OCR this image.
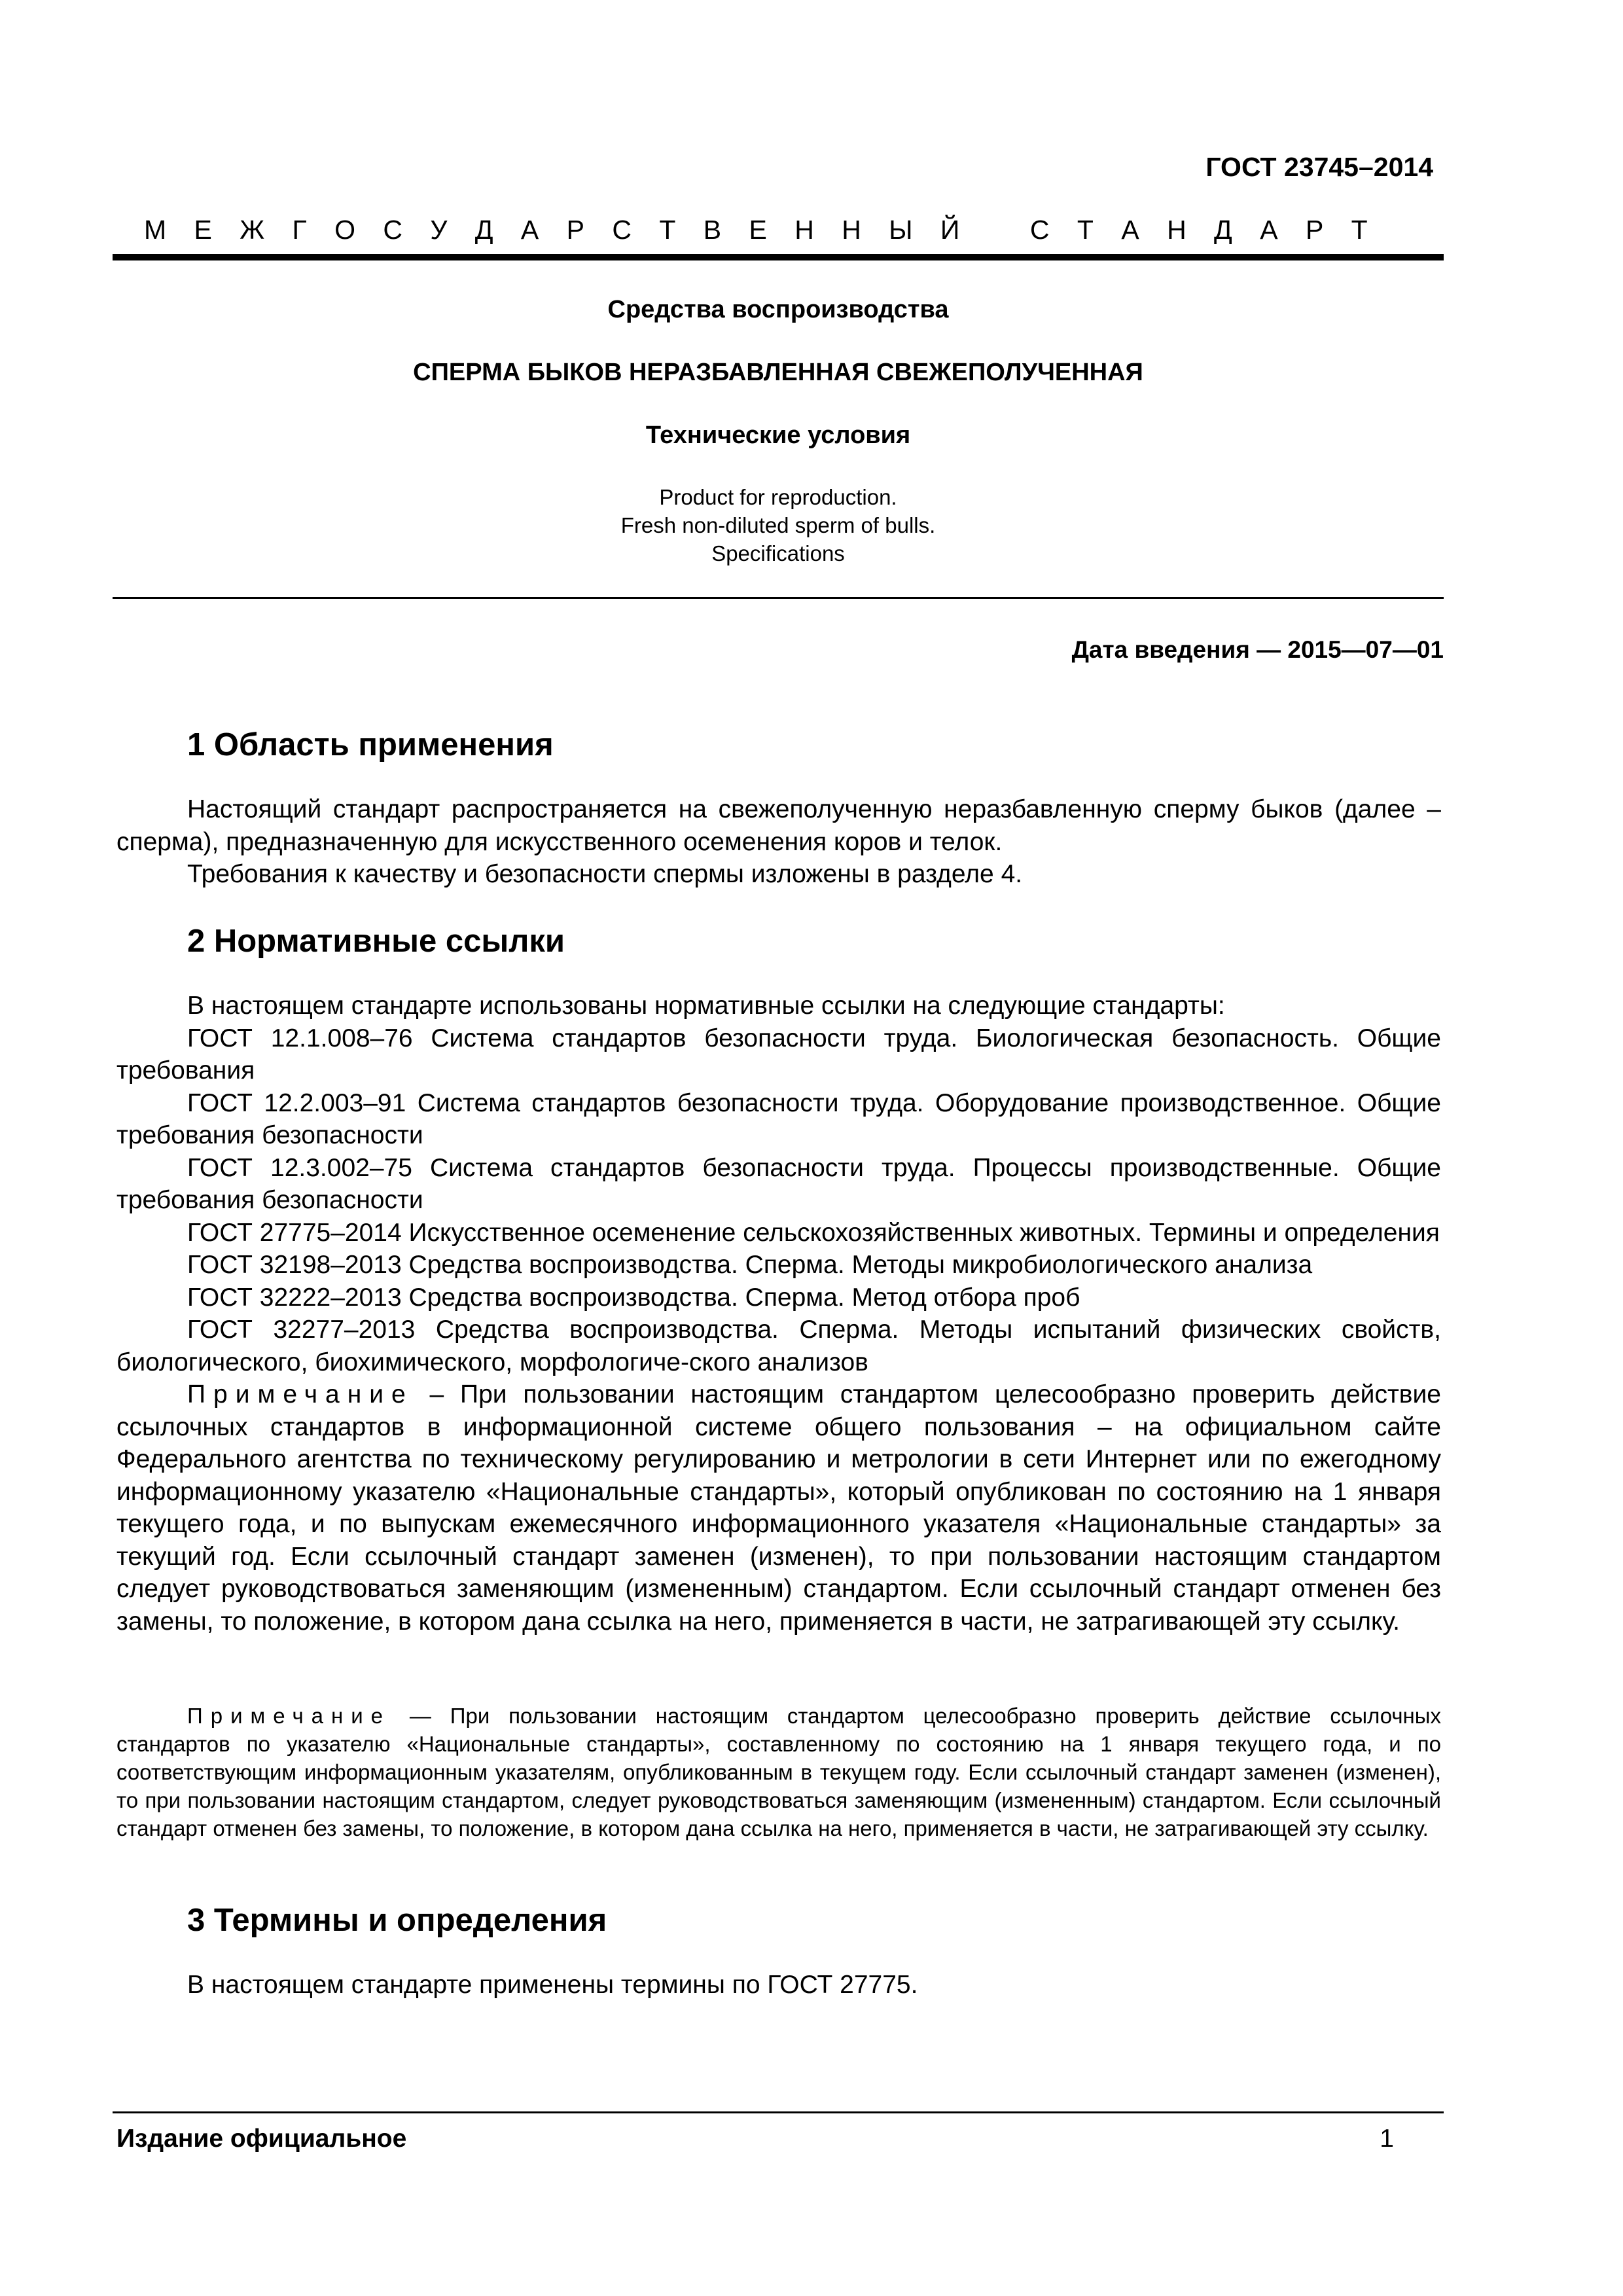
ГОСТ 23745–2014
М Е Ж Г О С У Д А Р С Т В Е Н Н Ы Й
	С Т А Н Д А Р Т
Средства воспроизводства
СПЕРМА БЫКОВ НЕРАЗБАВЛЕННАЯ СВЕЖЕПОЛУЧЕННАЯ
Технические условия
Product for reproduction.
Fresh non-diluted sperm of bulls.
Specifications
Дата введения — 2015—07—01
1 Область применения

Настоящий стандарт распространяется на свежеполученную неразбавленную сперму быков (далее – сперма), предназначенную для искусственного осеменения коров и телок.

Требования к качеству и безопасности спермы изложены в разделе 4.

2 Нормативные ссылки

В настоящем стандарте использованы нормативные ссылки на следующие стандарты:

ГОСТ 12.1.008–76 Система стандартов безопасности труда. Биологическая безопасность. Общие требования

ГОСТ 12.2.003–91 Система стандартов безопасности труда. Оборудование производственное. Общие требования безопасности

ГОСТ 12.3.002–75 Система стандартов безопасности труда. Процессы производственные. Общие требования безопасности

ГОСТ 27775–2014 Искусственное осеменение сельскохозяйственных животных. Термины и определения

ГОСТ 32198–2013 Средства воспроизводства. Сперма. Методы микробиологического анализа

ГОСТ 32222–2013 Средства воспроизводства. Сперма. Метод отбора проб

ГОСТ 32277–2013 Средства воспроизводства. Сперма. Методы испытаний физических свойств, биологического, биохимического, морфологиче-ского анализов

Примечание – При пользовании настоящим стандартом целесообразно проверить действие ссылочных стандартов в информационной системе общего пользования – на официальном сайте Федерального агентства по техническому регулированию и метрологии в сети Интернет или по ежегодному информационному указателю «Национальные стандарты», который опубликован по состоянию на 1 января текущего года, и по выпускам ежемесячного информационного указателя «Национальные стандарты» за текущий год. Если ссылочный стандарт заменен (изменен), то при пользовании настоящим стандартом следует руководствоваться заменяющим (измененным) стандартом. Если ссылочный стандарт отменен без замены, то положение, в котором дана ссылка на него, применяется в части, не затрагивающей эту ссылку.

Примечание — При пользовании настоящим стандартом целесообразно проверить действие ссылочных стандартов по указателю «Национальные стандарты», составленному по состоянию на 1 января текущего года, и по соответствующим информационным указателям, опубликованным в текущем году. Если ссылочный стандарт заменен (изменен), то при пользовании настоящим стандартом, следует руководствоваться заменяющим (измененным) стандартом. Если ссылочный стандарт отменен без замены, то положение, в котором дана ссылка на него, применяется в части, не затрагивающей эту ссылку.

3 Термины и определения

В настоящем стандарте применены термины по ГОСТ 27775.

Издание официальное	1
